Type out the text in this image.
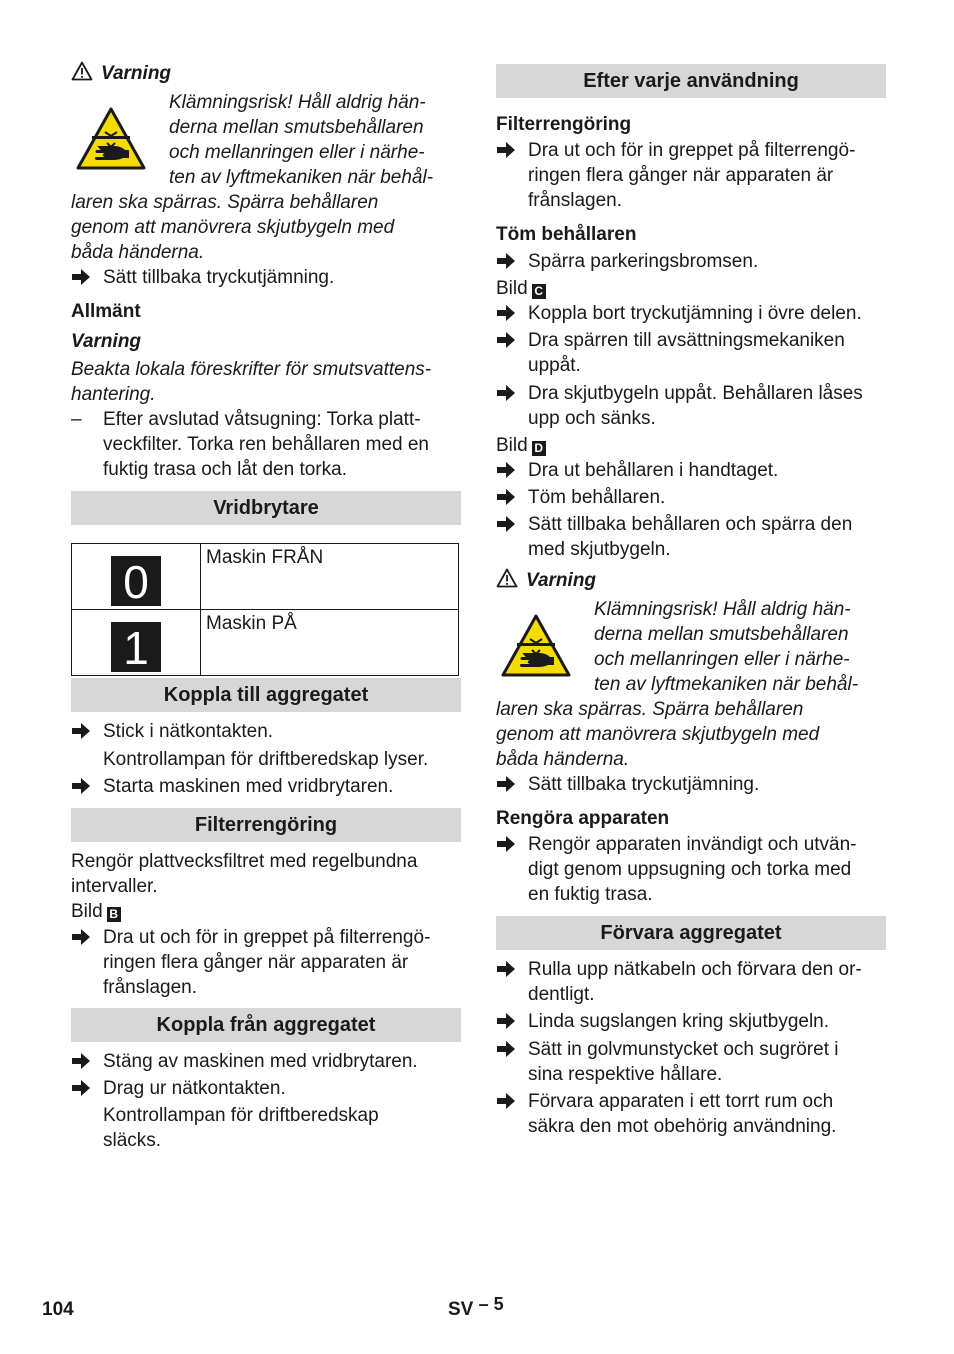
Varning
Klämningsrisk! Håll aldrig hän-
derna mellan smutsbehållaren
och mellanringen eller i närhe-
ten av lyftmekaniken när behål-
laren ska spärras. Spärra behållaren
genom att manövrera skjutbygeln med
båda händerna.
Sätt tillbaka tryckutjämning.
Allmänt
Varning
Beakta lokala föreskrifter för smutsvattens-
hantering.
– Efter avslutad våtsugning: Torka platt-
veckfilter. Torka ren behållaren med en
fuktig trasa och låt den torka.
Vridbrytare
0	Maskin FRÅN
1	Maskin PÅ
Koppla till aggregatet
Stick i nätkontakten.
Kontrollampan för driftberedskap lyser.
Starta maskinen med vridbrytaren.
Filterrengöring
Rengör plattvecksfiltret med regelbundna
intervaller.
Bild B
Dra ut och för in greppet på filterrengö-
ringen flera gånger när apparaten är
frånslagen.
Koppla från aggregatet
Stäng av maskinen med vridbrytaren.
Drag ur nätkontakten.
Kontrollampan för driftberedskap
släcks.
Efter varje användning
Filterrengöring
Dra ut och för in greppet på filterrengö-
ringen flera gånger när apparaten är
frånslagen.
Töm behållaren
Spärra parkeringsbromsen.
Bild C
Koppla bort tryckutjämning i övre delen.
Dra spärren till avsättningsmekaniken
uppåt.
Dra skjutbygeln uppåt. Behållaren låses
upp och sänks.
Bild D
Dra ut behållaren i handtaget.
Töm behållaren.
Sätt tillbaka behållaren och spärra den
med skjutbygeln.
Varning
Klämningsrisk! Håll aldrig hän-
derna mellan smutsbehållaren
och mellanringen eller i närhe-
ten av lyftmekaniken när behål-
laren ska spärras. Spärra behållaren
genom att manövrera skjutbygeln med
båda händerna.
Sätt tillbaka tryckutjämning.
Rengöra apparaten
Rengör apparaten invändigt och utvän-
digt genom uppsugning och torka med
en fuktig trasa.
Förvara aggregatet
Rulla upp nätkabeln och förvara den or-
dentligt.
Linda sugslangen kring skjutbygeln.
Sätt in golvmunstycket och sugröret i
sina respektive hållare.
Förvara apparaten i ett torrt rum och
säkra den mot obehörig användning.
104	SV – 5
